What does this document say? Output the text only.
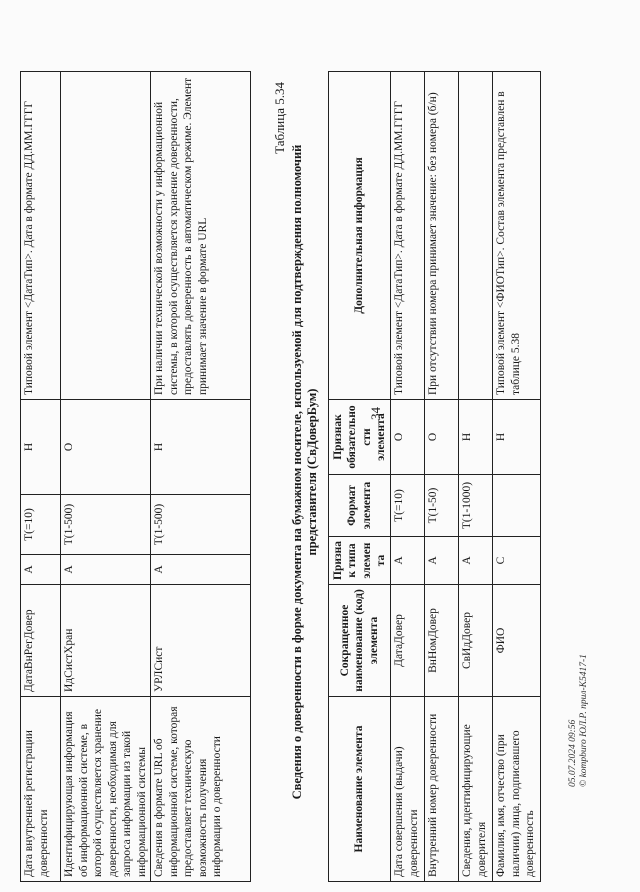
Дата внутренней регистрации доверенности	ДатаВнРегДовер	А	T(=10)	Н	Типовой элемент <ДатаТип>. Дата в формате ДД.ММ.ГГГГ
Идентифицирующая информация об информационной системе, в которой осуществляется хранение доверенности, необходимая для запроса информации из такой информационной системы	ИдСистХран	А	T(1-500)	О	
Сведения в формате URL об информационной системе, которая предоставляет техническую возможность получения информации о доверенности	УРЛСист	А	T(1-500)	Н	При наличии технической возможности у информационной системы, в которой осуществляется хранение доверенности, предоставлять доверенность в автоматическом режиме. Элемент принимает значение в формате URL
Таблица 5.34
Сведения о доверенности в форме документа на бумажном носителе, используемой для подтверждения полномочий представителя (СвДоверБум)
Наименование элемента	Сокращенное наименование (код) элемента	Признак типа элемента	Формат элемента	Признак обязательности элемента	Дополнительная информация
Дата совершения (выдачи) доверенности	ДатаДовер	А	T(=10)	О	Типовой элемент <ДатаТип>. Дата в формате ДД.ММ.ГГГГ
Внутренний номер доверенности	ВнНомДовер	А	T(1-50)	О	При отсутствии номера принимает значение: без номера (б/н)
Сведения, идентифицирующие доверителя	СвИдДовер	А	T(1-1000)	Н	
Фамилия, имя, отчество (при наличии) лица, подписавшего доверенность	ФИО	С		Н	Типовой элемент <ФИОТип>. Состав элемента представлен в таблице 5.38
05.07.2024 09:56 © kompburo ЮЛ.Р. прил-К5417-1
34
